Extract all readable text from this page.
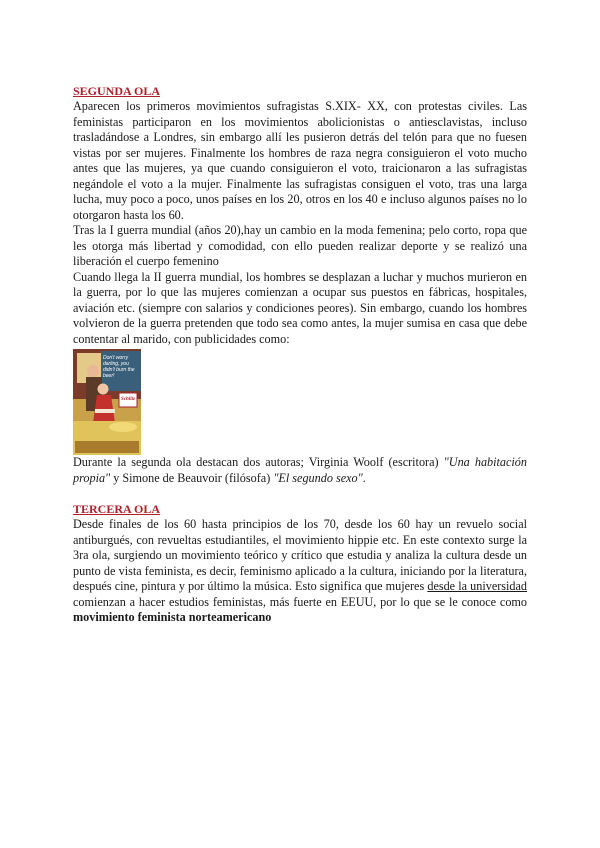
SEGUNDA OLA

Aparecen los primeros movimientos sufragistas S.XIX- XX, con protestas civiles. Las feministas participaron en los movimientos abolicionistas o antiesclavistas, incluso trasladándose a Londres, sin embargo allí les pusieron detrás del telón para que no fuesen vistas por ser mujeres. Finalmente los hombres de raza negra consiguieron el voto mucho antes que las mujeres, ya que cuando consiguieron el voto, traicionaron a las sufragistas negándole el voto a la mujer. Finalmente las sufragistas consiguen el voto, tras una larga lucha, muy poco a poco, unos países en los 20, otros en los 40 e incluso algunos países no lo otorgaron hasta los 60.

Tras la I guerra mundial (años 20),hay un cambio en la moda femenina; pelo corto, ropa que les otorga más libertad y comodidad, con ello pueden realizar deporte y se realizó una liberación el cuerpo femenino

Cuando llega la II guerra mundial, los hombres se desplazan a luchar y muchos murieron en la guerra, por lo que las mujeres comienzan a ocupar sus puestos en fábricas, hospitales, aviación etc. (siempre con salarios y condiciones peores). Sin embargo, cuando los hombres volvieron de la guerra pretenden que todo sea como antes, la mujer sumisa en casa que debe contentar al marido, con publicidades como:

Don't worry darling, you didn't burn the beer!
Schlitz

Durante la segunda ola destacan dos autoras; Virginia Woolf (escritora) "Una habitación propia" y Simone de Beauvoir (filósofa) "El segundo sexo".

TERCERA OLA

Desde finales de los 60 hasta principios de los 70, desde los 60 hay un revuelo social antiburgués, con revueltas estudiantiles, el movimiento hippie etc. En este contexto surge la 3ra ola, surgiendo un movimiento teórico y crítico que estudia y analiza la cultura desde un punto de vista feminista, es decir, feminismo aplicado a la cultura, iniciando por la literatura, después cine, pintura y por último la música. Esto significa que mujeres desde la universidad comienzan a hacer estudios feministas, más fuerte en EEUU, por lo que se le conoce como movimiento feminista norteamericano
